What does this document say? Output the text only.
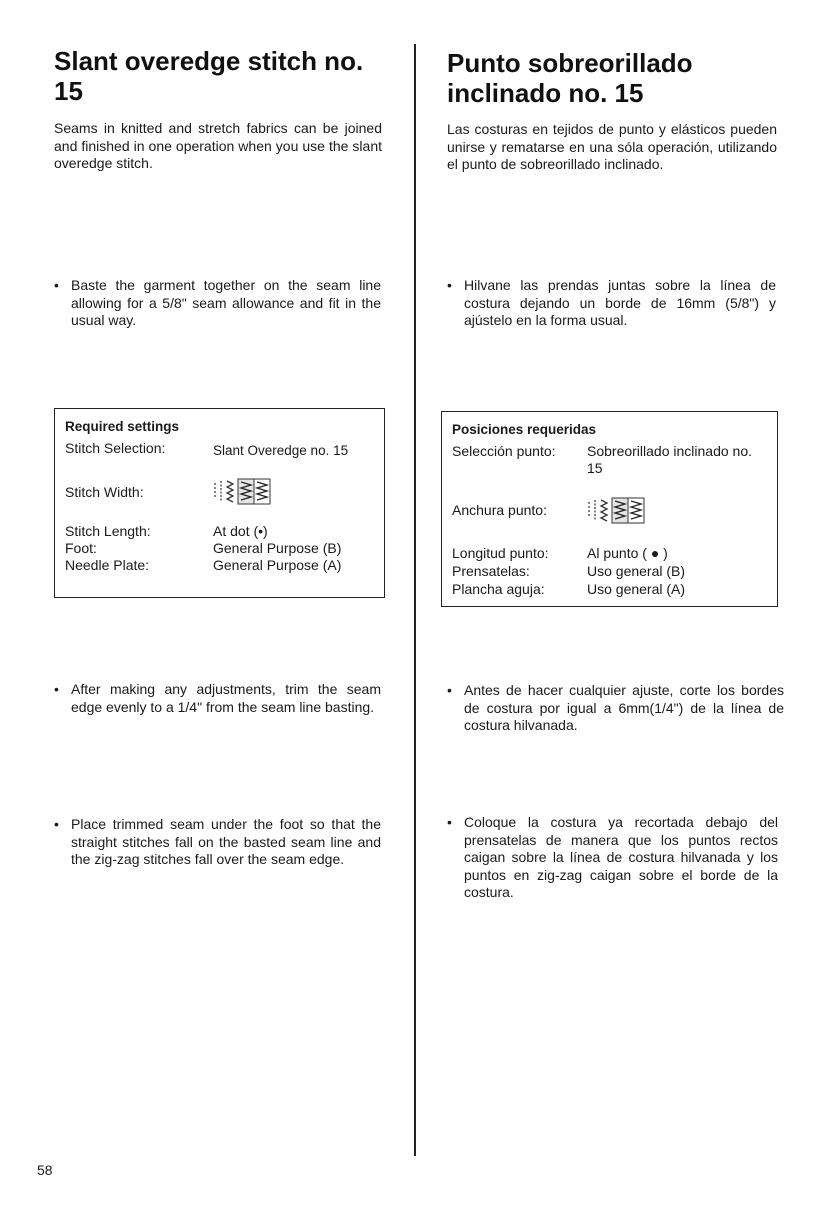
Slant overedge stitch no. 15

Seams in knitted and stretch fabrics can be joined and finished in one operation when you use the slant overedge stitch.

• Baste the garment together on the seam line allowing for a 5/8" seam allowance and fit in the usual way.

Required settings
Stitch Selection:	Slant Overedge no. 15
Stitch Width:
Stitch Length:	At dot (•)
Foot:	General Purpose (B)
Needle Plate:	General Purpose (A)

• After making any adjustments, trim the seam edge evenly to a 1/4" from the seam line basting.

• Place trimmed seam under the foot so that the straight stitches fall on the basted seam line and the zig-zag stitches fall over the seam edge.

Punto sobreorillado inclinado no. 15

Las costuras en tejidos de punto y elásticos pueden unirse y rematarse en una sóla operación, utilizando el punto de sobreorillado inclinado.

• Hilvane las prendas juntas sobre la línea de costura dejando un borde de 16mm (5/8") y ajústelo en la forma usual.

Posiciones requeridas
Selección punto: Sobreorillado inclinado no. 15
Anchura punto:
Longitud punto:	Al punto ( ● )
Prensatelas:	Uso general (B)
Plancha aguja:	Uso general (A)

• Antes de hacer cualquier ajuste, corte los bordes de costura por igual a 6mm(1/4") de la línea de costura hilvanada.

• Coloque la costura ya recortada debajo del prensatelas de manera que los puntos rectos caigan sobre la línea de costura hilvanada y los puntos en zig-zag caigan sobre el borde de la costura.

58
